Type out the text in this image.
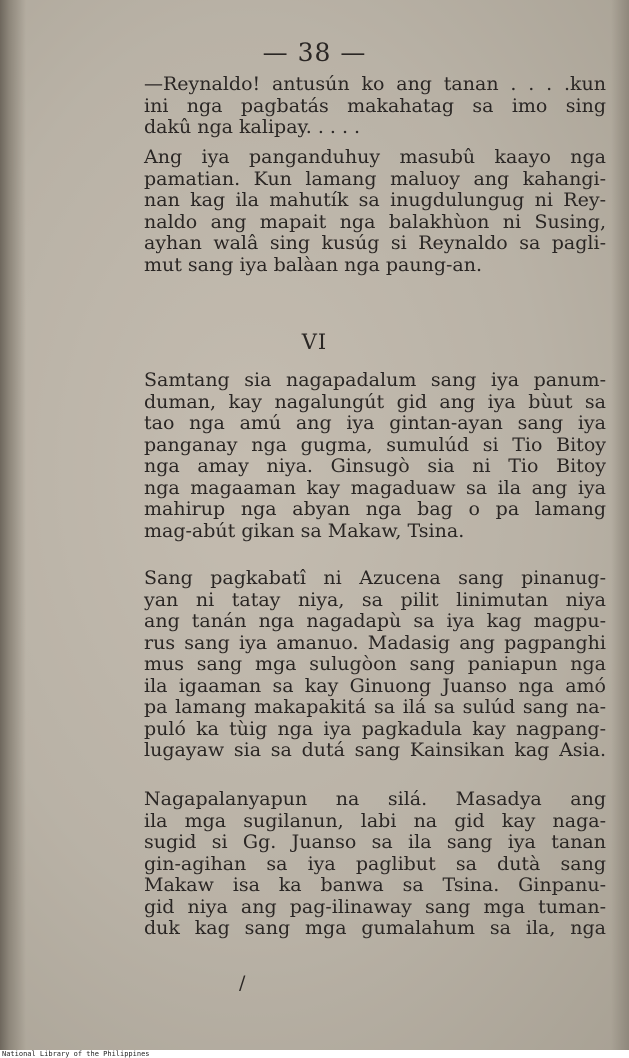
— 38 —
—Reynaldo! antusún ko ang tanan . . . .kun
ini nga pagbatás makahatag sa imo sing
dakû nga kalipay. . . . .
Ang iya panganduhuy masubû kaayo nga
pamatian. Kun lamang maluoy ang kahangi-
nan kag ila mahutík sa inugdulungug ni Rey-
naldo ang mapait nga balakhùon ni Susing,
ayhan walâ sing kusúg si Reynaldo sa pagli-
mut sang iya balàan nga paung-an.
VI
Samtang sia nagapadalum sang iya panum-
duman, kay nagalungút gid ang iya bùut sa
tao nga amú ang iya gintan-ayan sang iya
panganay nga gugma, sumulúd si Tio Bitoy
nga amay niya. Ginsugò sia ni Tio Bitoy
nga magaaman kay magaduaw sa ila ang iya
mahirup nga abyan nga bag o pa lamang
mag-abút gikan sa Makaw, Tsina.
Sang pagkabatî ni Azucena sang pinanug-
yan ni tatay niya, sa pilit linimutan niya
ang tanán nga nagadapù sa iya kag magpu-
rus sang iya amanuo. Madasig ang pagpanghi
mus sang mga sulugòon sang paniapun nga
ila igaaman sa kay Ginuong Juanso nga amó
pa lamang makapakitá sa ilá sa sulúd sang na-
puló ka tùig nga iya pagkadula kay nagpang-
lugayaw sia sa dutá sang Kainsikan kag Asia.
Nagapalanyapun na silá. Masadya ang
ila mga sugilanun, labi na gid kay naga-
sugid si Gg. Juanso sa ila sang iya tanan
gin-agihan sa iya paglibut sa dutà sang
Makaw isa ka banwa sa Tsina. Ginpanu-
gid niya ang pag-ilinaway sang mga tuman-
duk kag sang mga gumalahum sa ila, nga
/
National Library of the Philippines
